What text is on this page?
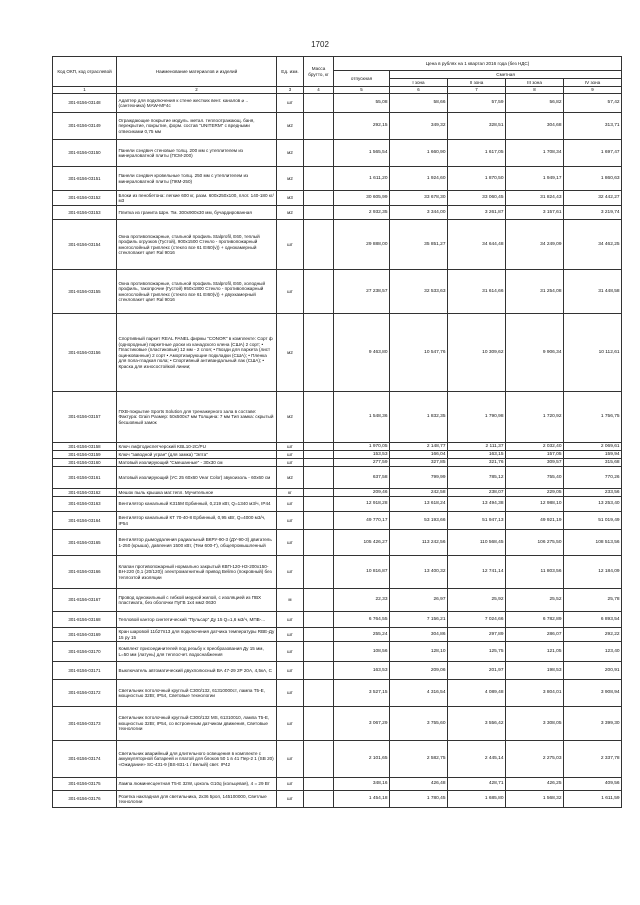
1702
Код ОКП, код отраслевой	Наименование материалов и изделий	Ед. изм.	Масса брутто, кг	Цена в рублях на 1 квартал 2016 года (без НДС)				
				отпускная	Сметная			
					I зона	II зона	III зона	IV зона
1	2	3	4	5	6	7	8	9
301-8156-03148	Адаптер для подключения к стене жестких вент. каналов ⌀ .. (сантехника) MAW-MF4c	шт		55,08	58,66	57,59	56,82	57,42
301-8156-03149	Ограждающие покрытие модуль. метал. теплоотражающ. баня, перекрытие, покрытие, форм. состав "UNITERM" с вредными отвесиками 0,75 мм	м2		292,15	349,32	328,51	304,68	313,71
301-8156-03150	Панели сэндвич стеновые толщ. 200 мм с утеплителем из минераловатной плиты (ПСМ-200)	м2		1 565,54	1 660,90	1 617,05	1 708,34	1 697,47
301-8156-03151	Панели сэндвич кровельные толщ. 250 мм с утеплителем из минераловатной плиты (ПКМ-250)	м2		1 611,20	1 924,60	1 870,50	1 949,17	1 860,63
301-8156-03152	Блоки из пенобетона: легкие 600 кг, разм. 600х250х100, плот. 140-180 кг/м3	м3		30 605,99	33 678,30	33 060,45	31 824,43	32 442,27
301-8156-03153	Плитка из гранита Шрн. Тм. 300x900x30 мм, бучардированная	м2		2 932,35	3 344,00	3 261,87	3 157,61	3 219,74
301-8156-03154	Окна противопожарные, стальной профиль Stalprofil, E60, теплый профиль огрузков (Густой), 900х1500 Стекло - противопожарный многослойный триплекс (стекло все 61 EI60(v)) + однокамерный стеклопакет цвет Ral 9016	шт		29 888,00	35 851,27	34 644,48	34 249,09	34 462,25
301-8156-03155	Окна противопожарные, стальной профиль Stalprofil, Е60, холодный профиль, такопрочие (Густой) 950х1800 Стекло - противопожарный многослойный триплекс (стекло все 61 EI60(v)) + двухкамерный стеклопакет цвет Ral 9016	шт		27 238,57	32 533,63	31 614,66	31 254,08	31 448,58
301-8156-03156	Спортивный паркет REAL PANEL фирмы "CONOR" в комплекте: Сорт ф (однородные) паркетные доски из канадского клена (США) 2 сорт; • Пластиковые (пластиковые) 12 мм - 2 слоя; • Гвозди для паркета (лист оцинкованные) 2 сорт • Амортизирующие подкладки (США); • Пленка для пола-гладкая пола; • Спортивный антивандальный лак (США); • Краска для износостойкой линии;	м2		9 463,80	10 547,76	10 309,62	9 906,34	10 112,61
301-8156-03157	ПХВ-покрытие Sports Solution для тренажерного зала в составе: Фактура: Grain Размер: 50х500х7 мм Толщина: 7 мм Тип замка: скрытый бесшовный замок	м2		1 548,36	1 832,35	1 790,98	1 720,92	1 756,75
301-8156-03158	Ключ лифтодиспетчерский KBL10-2C/PU	шт		1 970,05	2 148,77	2 111,37	2 032,40	2 069,61
301-8156-03159	Ключ "заводной угран" (для замка) "Элта"	шт		153,53	166,04	163,15	157,05	159,94
301-8156-03160	Матовый изолирующий "Смешанные" - 30х30 см	шт		277,59	327,85	321,76	309,57	315,68
301-8156-03161	Матовый изолирующий (УС 25 60х60 Vear Color) звукоизоль - 60х60 см	м2		637,58	799,99	785,12	755,40	770,26
301-8156-03162	Мешок пыль крышка мат.тепл. Мучительное	кг		209,46	242,58	238,07	229,05	233,56
301-8156-03163	Вентилятор канальный K315М Ербинный, 0,219 кВт, Q=1340 м3/ч, IP44	шт		12 918,28	13 618,24	13 494,38	12 988,10	13 253,40
301-8156-03164	Вентилятор канальный КТ 70-40-8 Ербинный, 0,95 кВт, Q=4000 м3/ч, IP54	шт		49 770,17	53 193,66	51 947,13	49 921,19	51 019,49
301-8156-03165	Вентилятор дымоудаления радиальный ВКРУ-90-3 (ДУ-90-3) двигатель 1-250 (крыша), давления 1500 кВт, (Тем 600-Г), общепромышленный	шт		105 426,27	113 242,56	110 568,45	106 275,50	108 513,56
301-8156-03166	Клапан противопожарный нормально закрытый КВП-120-НЗ-200х150-ВН-220 (0,1 (20/120)) электромагнитный привод Belimo (покровный) без теплоэтой изоляции	шт		10 816,87	13 400,32	12 741,14	11 803,56	12 184,09
301-8156-03167	Провод одножильный с гибкой медной жилой, с изоляцией из ПВХ пластиката, без оболочки ПуГВ 1х4 мм2 0630	м		22,33	26,97	25,92	25,52	25,78
301-8156-03168	Тепловой кантор синтетический "Пульсар" Ду 15 Q=1,6 м3/ч, МПВ-...	шт		6 764,55	7 156,21	7 024,66	6 782,89	6 893,54
301-8156-03169	Кран шаровой 11б27п13 для подключения датчика температуры RBE-Ду 15 ру 15	шт		255,24	304,86	297,89	286,07	292,22
301-8156-03170	Комплект присоединителей под резьбу к преобразования Ду 15 мм, L=50 мм (латунь) для теплосчет. водоснабжения	шт		108,56	128,10	125,75	121,05	123,40
301-8156-03171	Выключатель автоматический двухполюсный ВА 47-29 2Р 20А, 4,5кА, C	шт		163,53	209,06	201,97	198,53	200,91
301-8156-03172	Светильник потолочный круглый С300/132, 61310000ст, лампа T5-Е, мощностью 32Вт, IP54, Световые технологии	шт		3 527,15	4 316,54	4 089,48	3 804,01	3 908,94
301-8156-03173	Светильник потолочный круглый C300/132 MS, 61310010, лампа T5-Е, мощностью 32Вт, IP54, со встроенным датчиком движения, Световые технологии	шт		3 067,29	3 755,60	3 556,42	3 308,05	3 399,30
301-8156-03174	Светильник аварийный для длительного освещения в комплекте с аккумуляторной батареей и платой для блоков 50 1 в 41 Пер-2 1 (SB 20) «Ожидание» SC-431-9 (BS-831-1 / Белый) свет. IP42	шт		2 101,65	2 582,75	2 445,14	2 275,03	2 337,78
301-8156-03175	Лампа люминесцентная T5-Е 32W, цоколь G10q (кольцевая), 4 = 29 Вт	шт		348,16	426,48	428,71	426,25	409,56
301-8156-03176	Розетка накладная для светильника, 2х36 5роп, 145100000, Светлые технологии	шт		1 454,18	1 780,45	1 685,80	1 568,32	1 611,59
